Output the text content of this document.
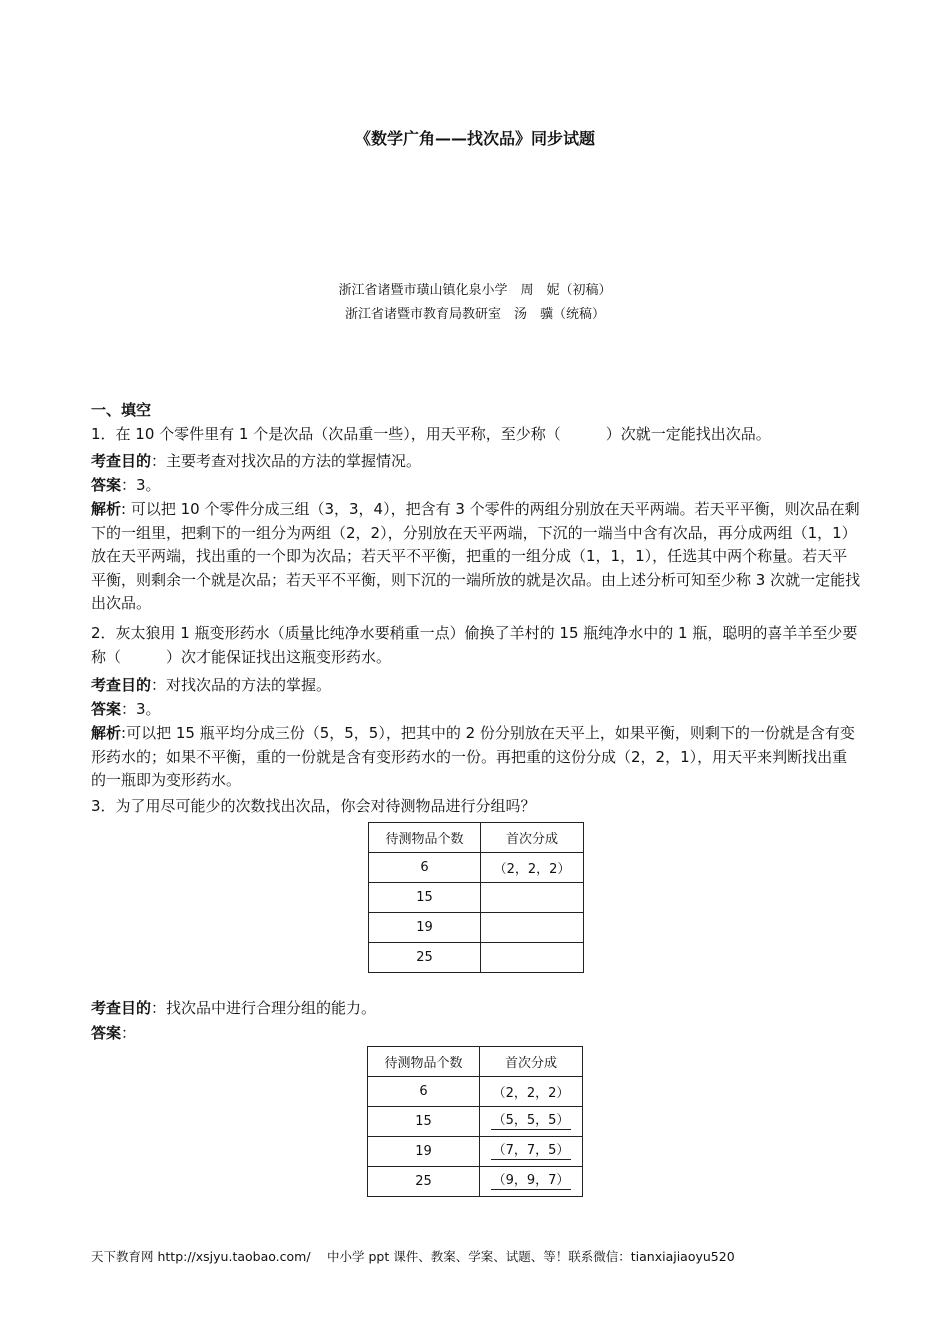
《数学广角——找次品》同步试题
浙江省诸暨市璜山镇化泉小学　周　妮（初稿）
浙江省诸暨市教育局教研室　汤　骥（统稿）
一、填空
1．在 10 个零件里有 1 个是次品（次品重一些），用天平称，至少称（　　　）次就一定能找出次品。
考查目的：主要考查对找次品的方法的掌握情况。
答案：3。
解析: 可以把 10 个零件分成三组（3，3，4），把含有 3 个零件的两组分别放在天平两端。若天平平衡，则次品在剩下的一组里，把剩下的一组分为两组（2，2），分别放在天平两端，下沉的一端当中含有次品，再分成两组（1，1）放在天平两端，找出重的一个即为次品；若天平不平衡，把重的一组分成（1，1，1），任选其中两个称量。若天平平衡，则剩余一个就是次品；若天平不平衡，则下沉的一端所放的就是次品。由上述分析可知至少称 3 次就一定能找出次品。
2．灰太狼用 1 瓶变形药水（质量比纯净水要稍重一点）偷换了羊村的 15 瓶纯净水中的 1 瓶，聪明的喜羊羊至少要称（　　　）次才能保证找出这瓶变形药水。
考查目的：对找次品的方法的掌握。
答案：3。
解析:可以把 15 瓶平均分成三份（5，5，5），把其中的 2 份分别放在天平上，如果平衡，则剩下的一份就是含有变形药水的；如果不平衡，重的一份就是含有变形药水的一份。再把重的这份分成（2，2，1），用天平来判断找出重的一瓶即为变形药水。
3．为了用尽可能少的次数找出次品，你会对待测物品进行分组吗？
待测物品个数	首次分成
6	（2，2，2）
15	
19	
25	
考查目的：找次品中进行合理分组的能力。
答案：
待测物品个数	首次分成
6	（2，2，2）
15	（5，5，5）
19	（7，7，5）
25	（9，9，7）
天下教育网 http://xsjyu.taobao.com/　 中小学 ppt 课件、教案、学案、试题、等！联系微信：tianxiajiaoyu520
